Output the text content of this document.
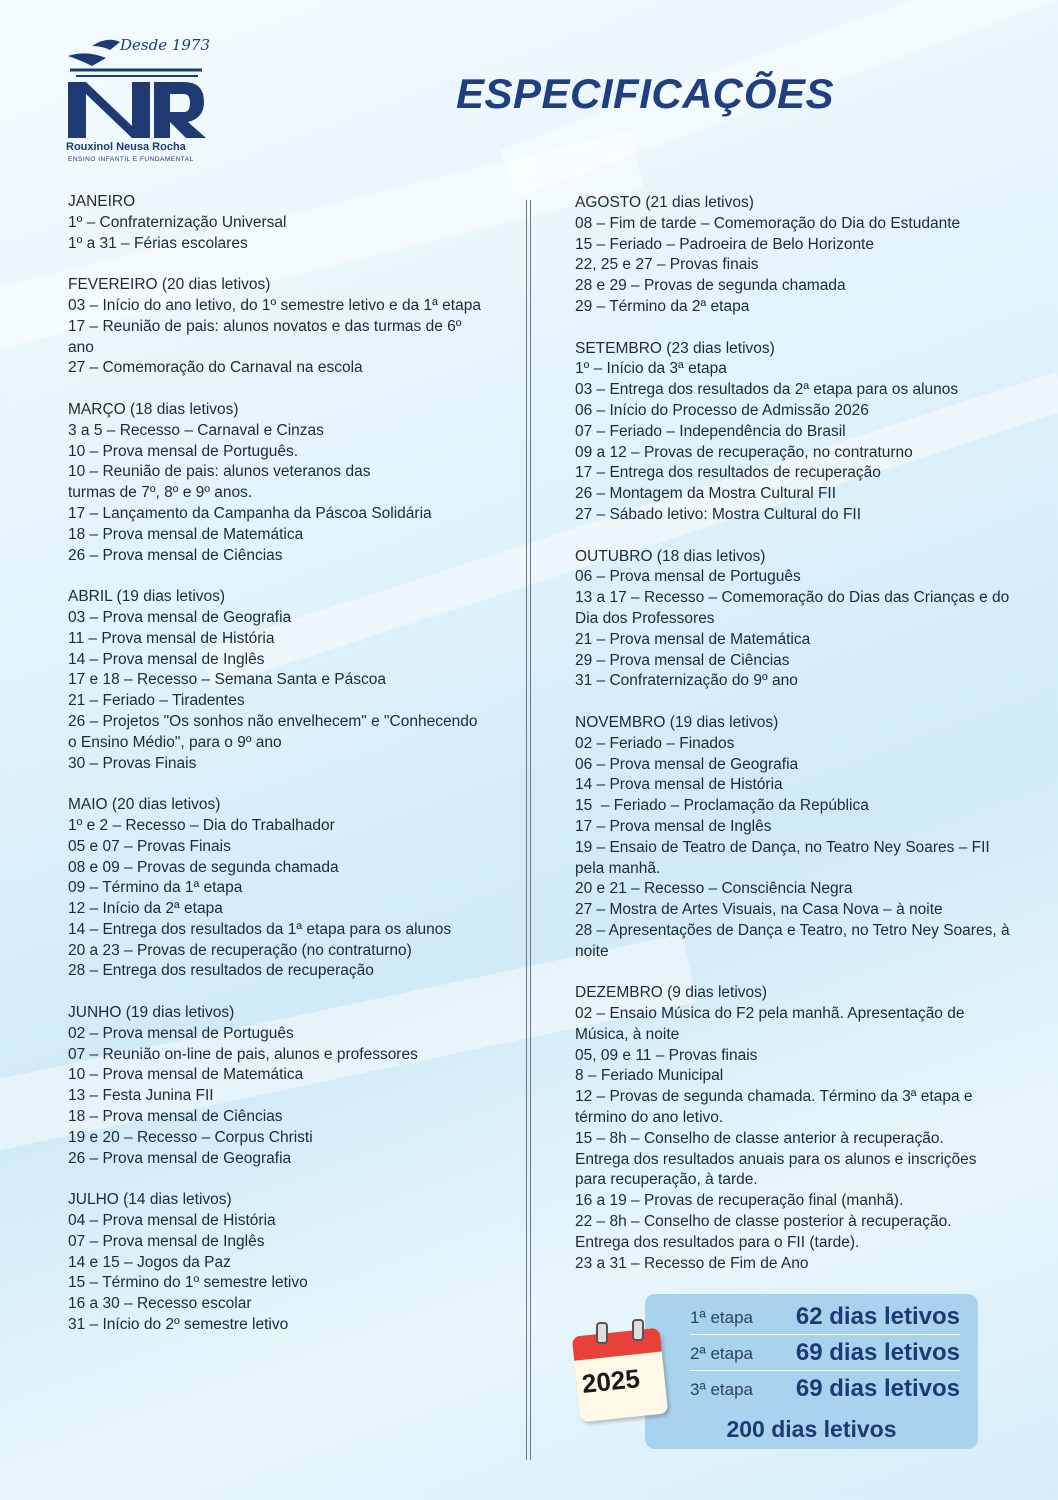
Desde 1973
Rouxinol Neusa Rocha
ENSINO INFANTIL E FUNDAMENTAL
ESPECIFICAÇÕES
JANEIRO
1º – Confraternização Universal
1º a 31 – Férias escolares
FEVEREIRO (20 dias letivos)
03 – Início do ano letivo, do 1º semestre letivo e da 1ª etapa
17 – Reunião de pais: alunos novatos e das turmas de 6º ano
27 – Comemoração do Carnaval na escola
MARÇO (18 dias letivos)
3 a 5 – Recesso – Carnaval e Cinzas
10 – Prova mensal de Português.
10 – Reunião de pais: alunos veteranos das
turmas de 7º, 8º e 9º anos.
17 – Lançamento da Campanha da Páscoa Solidária
18 – Prova mensal de Matemática
26 – Prova mensal de Ciências
ABRIL (19 dias letivos)
03 – Prova mensal de Geografia
11 – Prova mensal de História
14 – Prova mensal de Inglês
17 e 18 – Recesso – Semana Santa e Páscoa
21 – Feriado – Tiradentes
26 – Projetos "Os sonhos não envelhecem" e "Conhecendo o Ensino Médio", para o 9º ano
30 – Provas Finais
MAIO (20 dias letivos)
1º e 2 – Recesso – Dia do Trabalhador
05 e 07 – Provas Finais
08 e 09 – Provas de segunda chamada
09 – Término da 1ª etapa
12 – Início da 2ª etapa
14 – Entrega dos resultados da 1ª etapa para os alunos
20 a 23 – Provas de recuperação (no contraturno)
28 – Entrega dos resultados de recuperação
JUNHO (19 dias letivos)
02 – Prova mensal de Português
07 – Reunião on-line de pais, alunos e professores
10 – Prova mensal de Matemática
13 – Festa Junina FII
18 – Prova mensal de Ciências
19 e 20 – Recesso – Corpus Christi
26 – Prova mensal de Geografia
JULHO (14 dias letivos)
04 – Prova mensal de História
07 – Prova mensal de Inglês
14 e 15 – Jogos da Paz
15 – Término do 1º semestre letivo
16 a 30 – Recesso escolar
31 – Início do 2º semestre letivo
AGOSTO (21 dias letivos)
08 – Fim de tarde – Comemoração do Dia do Estudante
15 – Feriado – Padroeira de Belo Horizonte
22, 25 e 27 – Provas finais
28 e 29 – Provas de segunda chamada
29 – Término da 2ª etapa
SETEMBRO (23 dias letivos)
1º – Início da 3ª etapa
03 – Entrega dos resultados da 2ª etapa para os alunos
06 – Início do Processo de Admissão 2026
07 – Feriado – Independência do Brasil
09 a 12 – Provas de recuperação, no contraturno
17 – Entrega dos resultados de recuperação
26 – Montagem da Mostra Cultural FII
27 – Sábado letivo: Mostra Cultural do FII
OUTUBRO (18 dias letivos)
06 – Prova mensal de Português
13 a 17 – Recesso – Comemoração do Dias das Crianças e do Dia dos Professores
21 – Prova mensal de Matemática
29 – Prova mensal de Ciências
31 – Confraternização do 9º ano
NOVEMBRO (19 dias letivos)
02 – Feriado – Finados
06 – Prova mensal de Geografia
14 – Prova mensal de História
15  – Feriado – Proclamação da República
17 – Prova mensal de Inglês
19 – Ensaio de Teatro de Dança, no Teatro Ney Soares – FII pela manhã.
20 e 21 – Recesso – Consciência Negra
27 – Mostra de Artes Visuais, na Casa Nova – à noite
28 – Apresentações de Dança e Teatro, no Tetro Ney Soares, à noite
DEZEMBRO (9 dias letivos)
02 – Ensaio Música do F2 pela manhã. Apresentação de Música, à noite
05, 09 e 11 – Provas finais
8 – Feriado Municipal
12 – Provas de segunda chamada. Término da 3ª etapa e término do ano letivo.
15 – 8h – Conselho de classe anterior à recuperação.
Entrega dos resultados anuais para os alunos e inscrições para recuperação, à tarde.
16 a 19 – Provas de recuperação final (manhã).
22 – 8h – Conselho de classe posterior à recuperação.
Entrega dos resultados para o FII (tarde).
23 a 31 – Recesso de Fim de Ano
1ª etapa 62 dias letivos
2ª etapa 69 dias letivos
3ª etapa 69 dias letivos
200 dias letivos
2025
